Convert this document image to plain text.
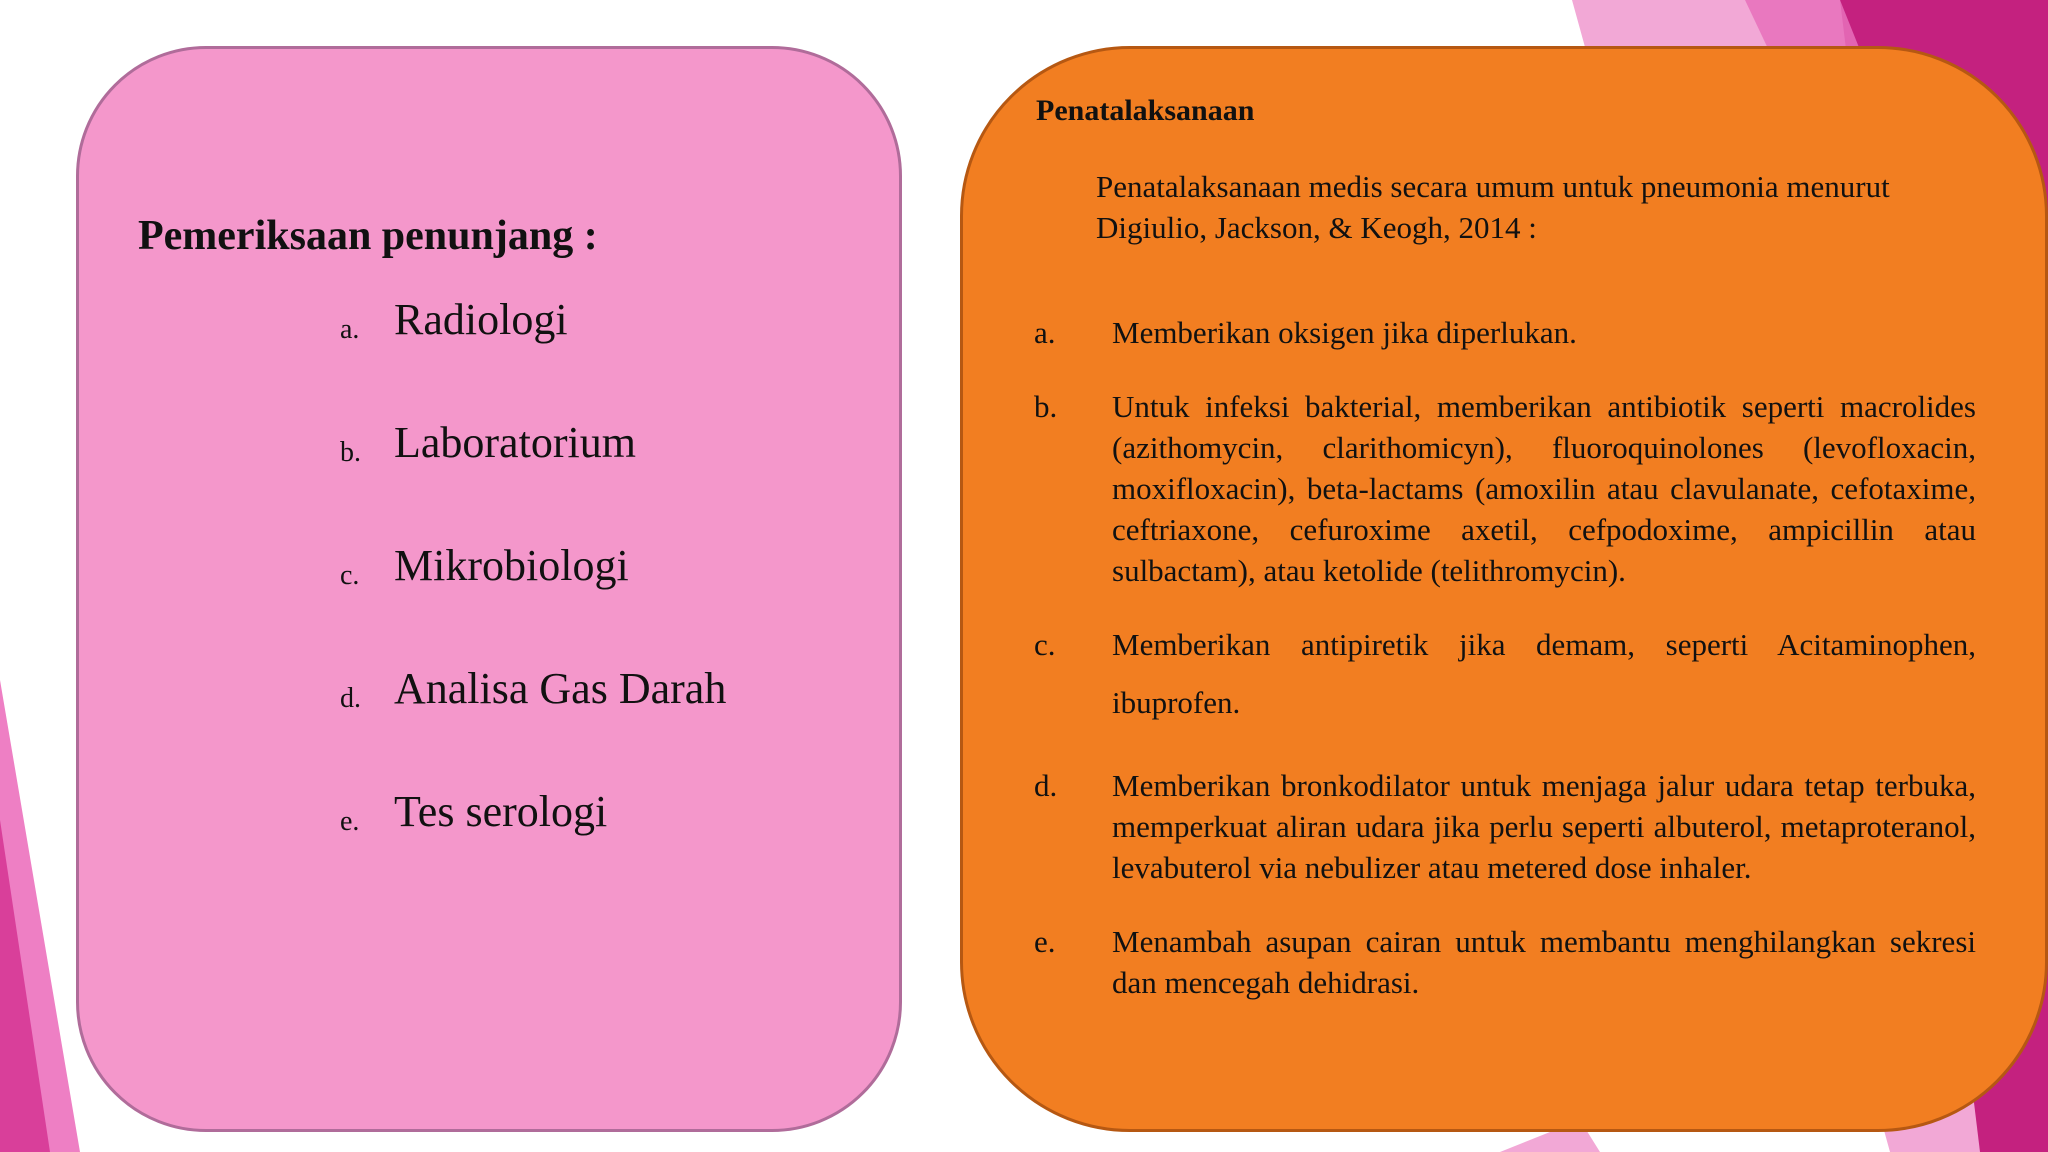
Pemeriksaan penunjang :
a. Radiologi
b. Laboratorium
c. Mikrobiologi
d. Analisa Gas Darah
e. Tes serologi
Penatalaksanaan
Penatalaksanaan medis secara umum untuk pneumonia menurut Digiulio, Jackson, & Keogh, 2014 :
a.	Memberikan oksigen jika diperlukan.
b.	Untuk infeksi bakterial, memberikan antibiotik seperti macrolides (azithomycin, clarithomicyn), fluoroquinolones (levofloxacin, moxifloxacin), beta-lactams (amoxilin atau clavulanate, cefotaxime, ceftriaxone, cefuroxime axetil, cefpodoxime, ampicillin atau sulbactam), atau ketolide (telithromycin).
c.	Memberikan antipiretik jika demam, seperti Acitaminophen, ibuprofen.
d.	Memberikan bronkodilator untuk menjaga jalur udara tetap terbuka, memperkuat aliran udara jika perlu seperti albuterol, metaproteranol, levabuterol via nebulizer atau metered dose inhaler.
e.	Menambah asupan cairan untuk membantu menghilangkan sekresi dan mencegah dehidrasi.
